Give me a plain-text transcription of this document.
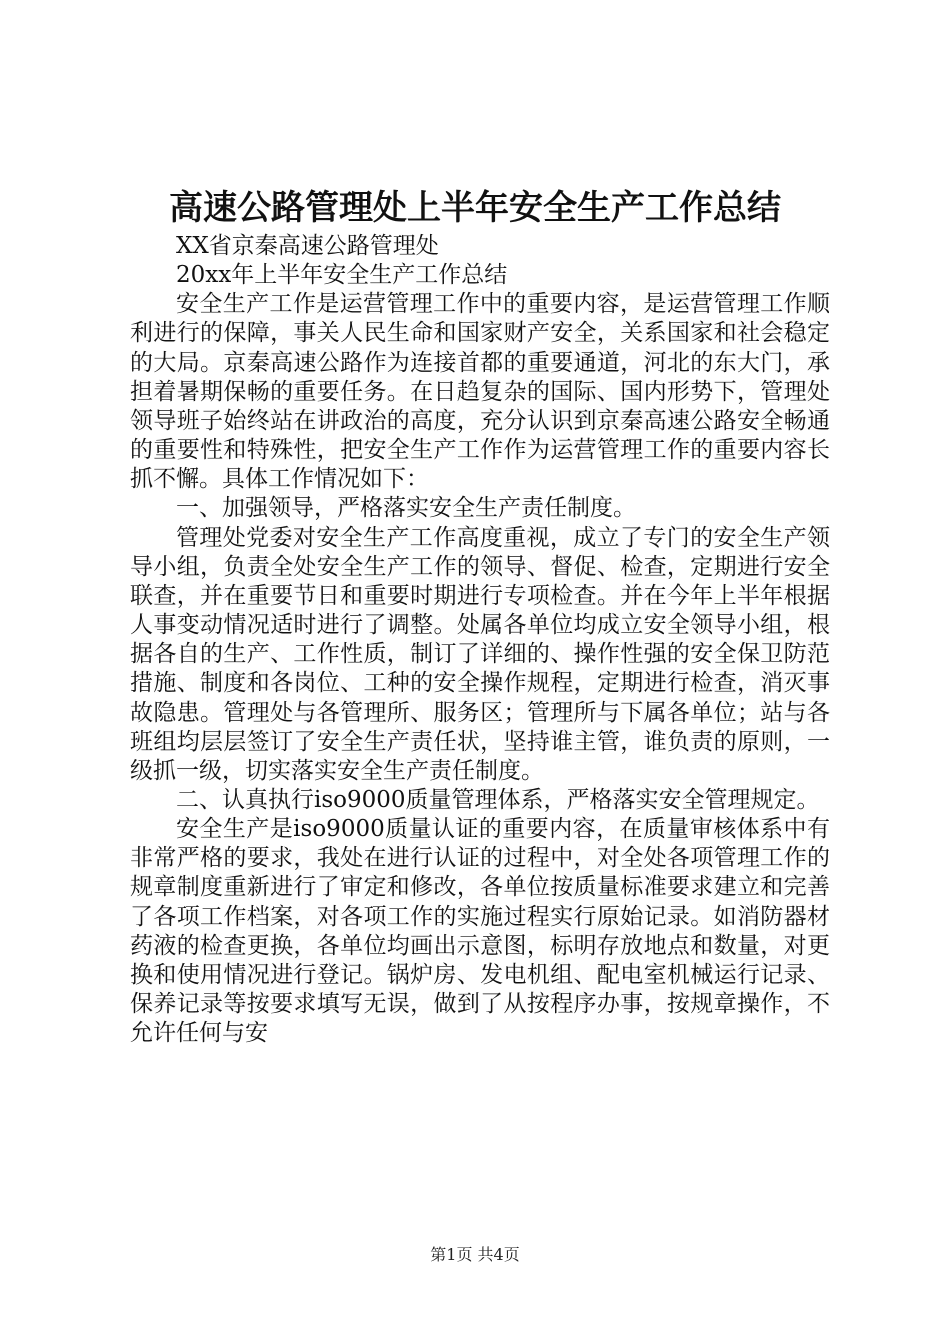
高速公路管理处上半年安全生产工作总结

XX省京秦高速公路管理处

20xx年上半年安全生产工作总结

安全生产工作是运营管理工作中的重要内容，是运营管理工作顺利进行的保障，事关人民生命和国家财产安全，关系国家和社会稳定的大局。京秦高速公路作为连接首都的重要通道，河北的东大门，承担着暑期保畅的重要任务。在日趋复杂的国际、国内形势下，管理处领导班子始终站在讲政治的高度，充分认识到京秦高速公路安全畅通的重要性和特殊性，把安全生产工作作为运营管理工作的重要内容长抓不懈。具体工作情况如下：

一、加强领导，严格落实安全生产责任制度。

管理处党委对安全生产工作高度重视，成立了专门的安全生产领导小组，负责全处安全生产工作的领导、督促、检查，定期进行安全联查，并在重要节日和重要时期进行专项检查。并在今年上半年根据人事变动情况适时进行了调整。处属各单位均成立安全领导小组，根据各自的生产、工作性质，制订了详细的、操作性强的安全保卫防范措施、制度和各岗位、工种的安全操作规程，定期进行检查，消灭事故隐患。管理处与各管理所、服务区；管理所与下属各单位；站与各班组均层层签订了安全生产责任状，坚持谁主管，谁负责的原则，一级抓一级，切实落实安全生产责任制度。

二、认真执行iso9000质量管理体系，严格落实安全管理规定。

安全生产是iso9000质量认证的重要内容，在质量审核体系中有非常严格的要求，我处在进行认证的过程中，对全处各项管理工作的规章制度重新进行了审定和修改，各单位按质量标准要求建立和完善了各项工作档案，对各项工作的实施过程实行原始记录。如消防器材药液的检查更换，各单位均画出示意图，标明存放地点和数量，对更换和使用情况进行登记。锅炉房、发电机组、配电室机械运行记录、保养记录等按要求填写无误，做到了从按程序办事，按规章操作，不允许任何与安

第1页 共4页
